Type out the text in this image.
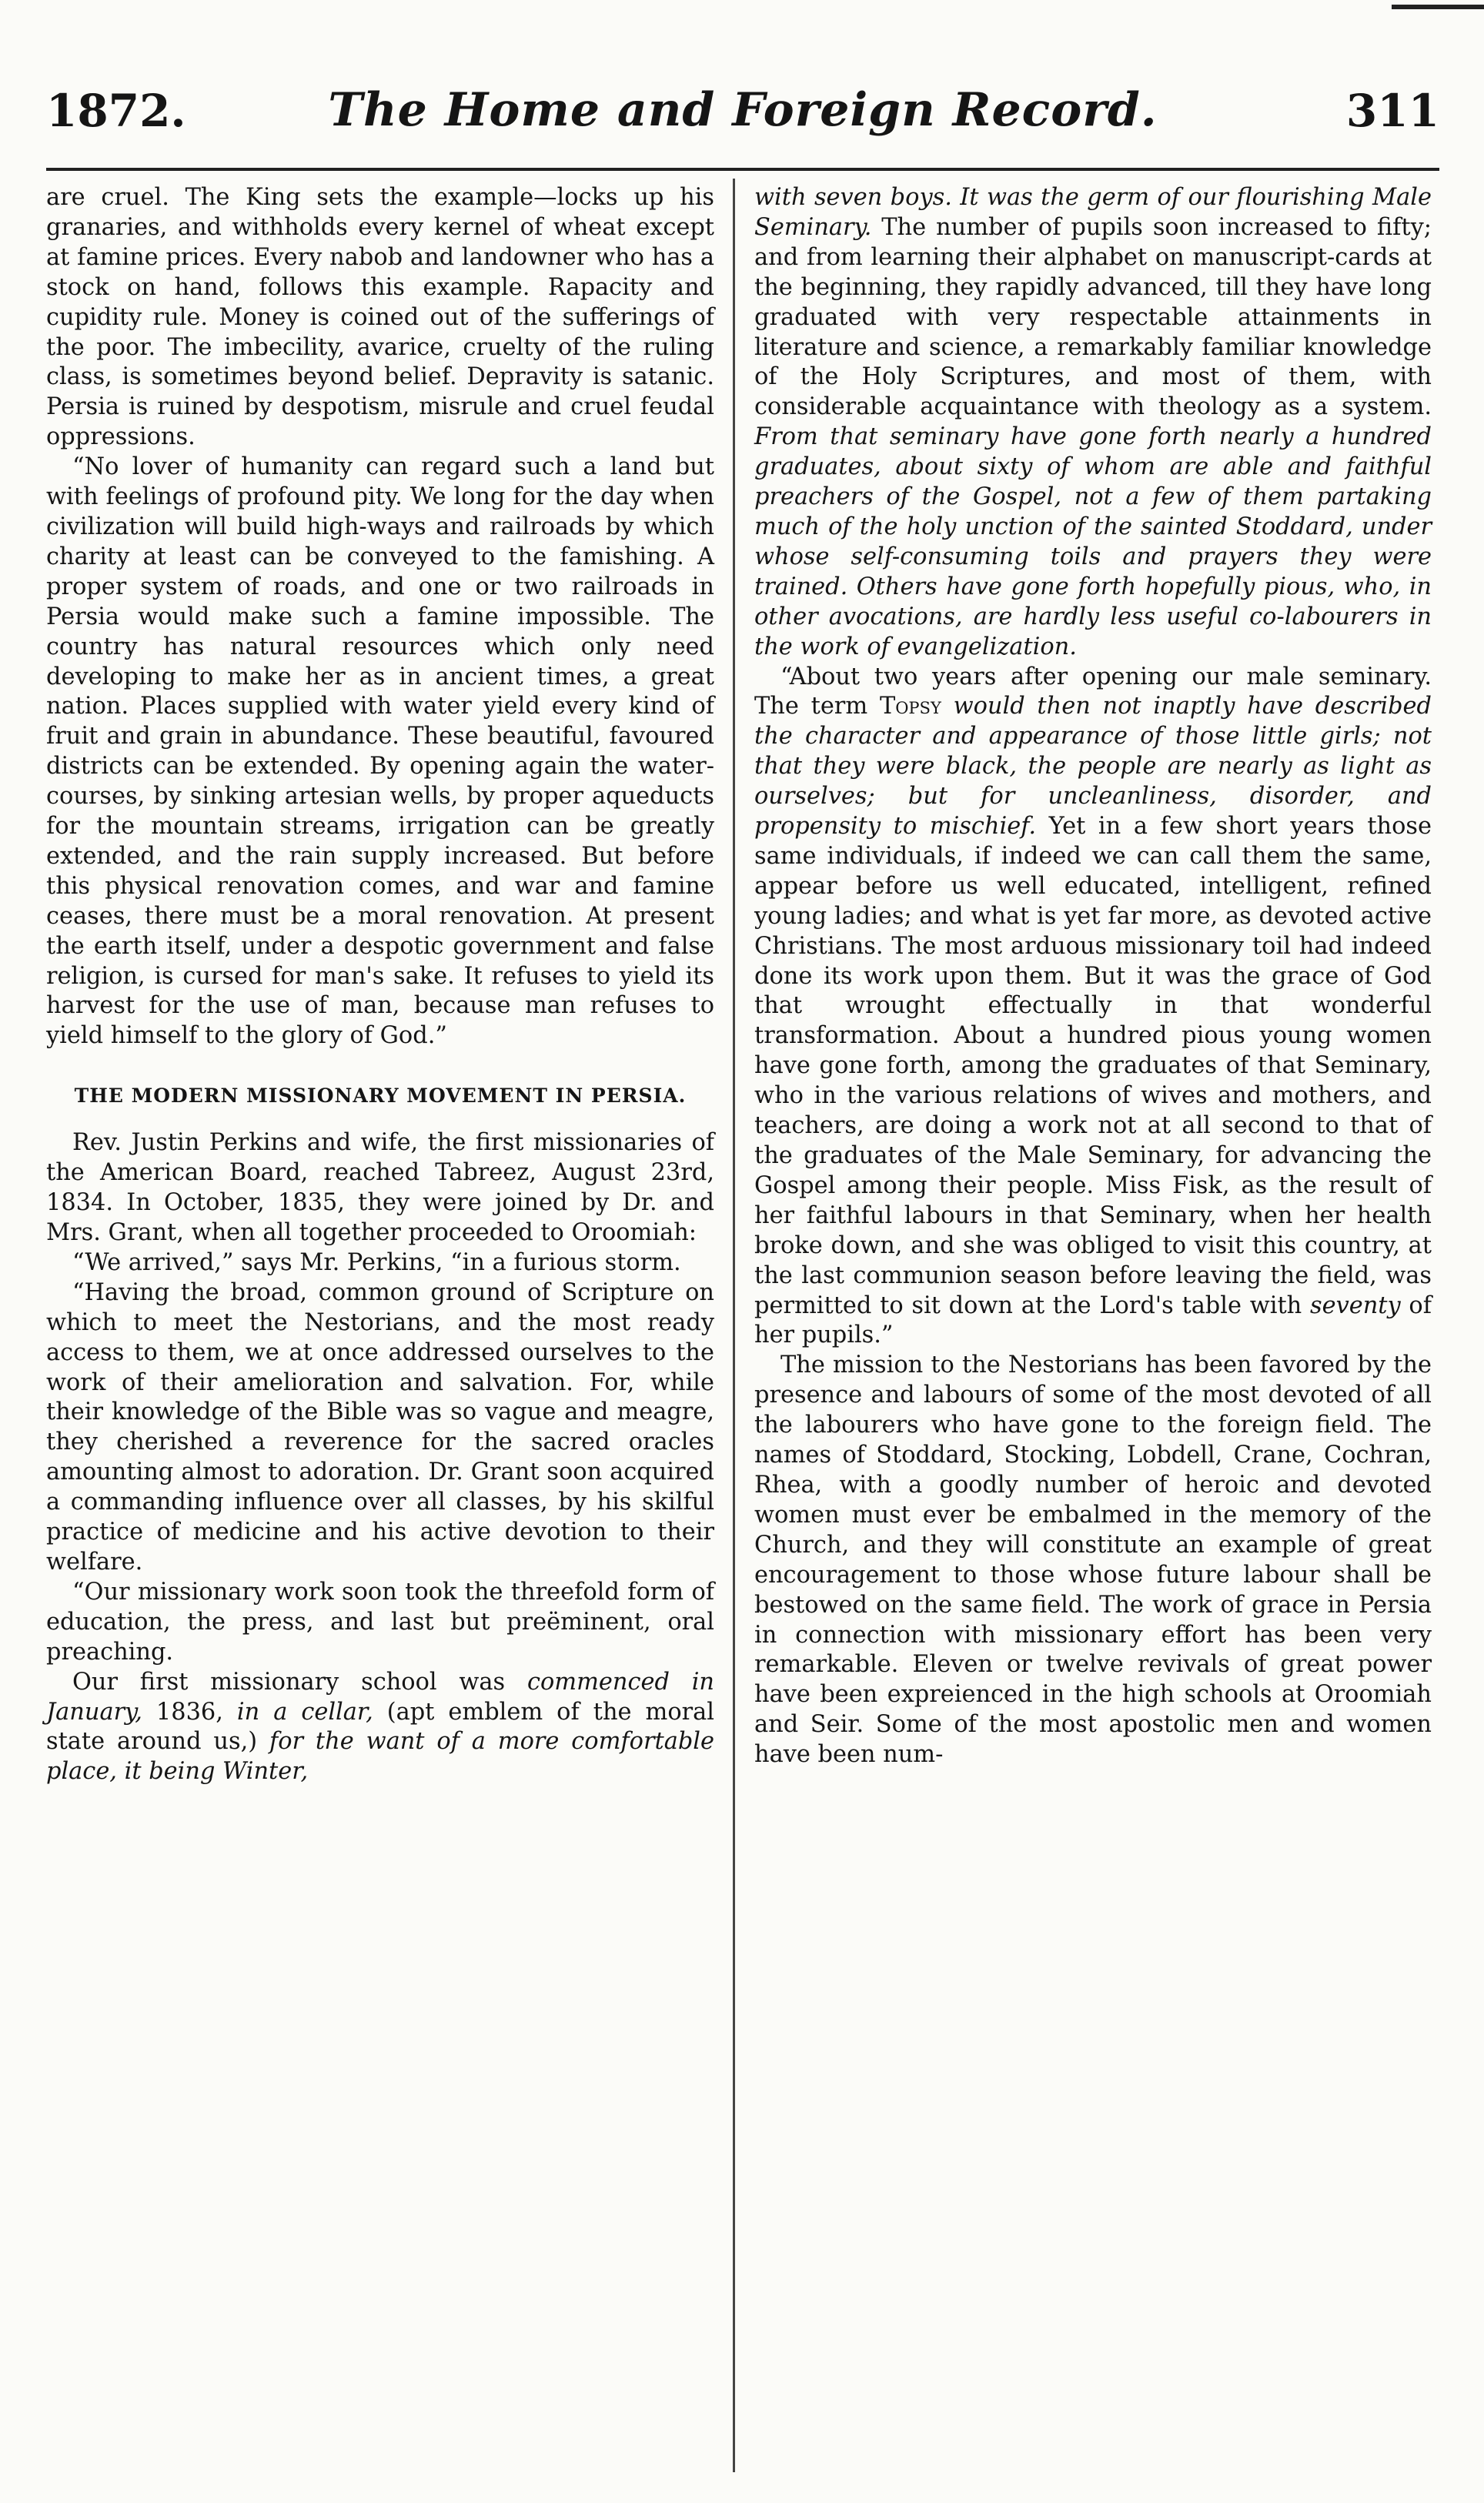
1872.	The Home and Foreign Record.	311

are cruel. The King sets the example—locks up his granaries, and withholds every kernel of wheat except at famine prices. Every nabob and landowner who has a stock on hand, follows this example. Rapacity and cupidity rule. Money is coined out of the sufferings of the poor. The imbecility, avarice, cruelty of the ruling class, is sometimes beyond belief. Depravity is satanic. Persia is ruined by despotism, misrule and cruel feudal oppressions.

“No lover of humanity can regard such a land but with feelings of profound pity. We long for the day when civilization will build high-ways and railroads by which charity at least can be conveyed to the famishing. A proper system of roads, and one or two railroads in Persia would make such a famine impossible. The country has natural resources which only need developing to make her as in ancient times, a great nation. Places supplied with water yield every kind of fruit and grain in abundance. These beautiful, favoured districts can be extended. By opening again the water-courses, by sinking artesian wells, by proper aqueducts for the mountain streams, irrigation can be greatly extended, and the rain supply increased. But before this physical renovation comes, and war and famine ceases, there must be a moral renovation. At present the earth itself, under a despotic government and false religion, is cursed for man's sake. It refuses to yield its harvest for the use of man, because man refuses to yield himself to the glory of God.”

THE MODERN MISSIONARY MOVEMENT IN PERSIA.

Rev. Justin Perkins and wife, the first missionaries of the American Board, reached Tabreez, August 23rd, 1834. In October, 1835, they were joined by Dr. and Mrs. Grant, when all together proceeded to Oroomiah:

“We arrived,” says Mr. Perkins, “in a furious storm.

“Having the broad, common ground of Scripture on which to meet the Nestorians, and the most ready access to them, we at once addressed ourselves to the work of their amelioration and salvation. For, while their knowledge of the Bible was so vague and meagre, they cherished a reverence for the sacred oracles amounting almost to adoration. Dr. Grant soon acquired a commanding influence over all classes, by his skilful practice of medicine and his active devotion to their welfare.

“Our missionary work soon took the threefold form of education, the press, and last but preëminent, oral preaching.

Our first missionary school was commenced in January, 1836, in a cellar, (apt emblem of the moral state around us,) for the want of a more comfortable place, it being Winter,

with seven boys. It was the germ of our flourishing Male Seminary. The number of pupils soon increased to fifty; and from learning their alphabet on manuscript-cards at the beginning, they rapidly advanced, till they have long graduated with very respectable attainments in literature and science, a remarkably familiar knowledge of the Holy Scriptures, and most of them, with considerable acquaintance with theology as a system. From that seminary have gone forth nearly a hundred graduates, about sixty of whom are able and faithful preachers of the Gospel, not a few of them partaking much of the holy unction of the sainted Stoddard, under whose self-consuming toils and prayers they were trained. Others have gone forth hopefully pious, who, in other avocations, are hardly less useful co-labourers in the work of evangelization.

“About two years after opening our male seminary. The term Topsy would then not inaptly have described the character and appearance of those little girls; not that they were black, the people are nearly as light as ourselves; but for uncleanliness, disorder, and propensity to mischief. Yet in a few short years those same individuals, if indeed we can call them the same, appear before us well educated, intelligent, refined young ladies; and what is yet far more, as devoted active Christians. The most arduous missionary toil had indeed done its work upon them. But it was the grace of God that wrought effectually in that wonderful transformation. About a hundred pious young women have gone forth, among the graduates of that Seminary, who in the various relations of wives and mothers, and teachers, are doing a work not at all second to that of the graduates of the Male Seminary, for advancing the Gospel among their people. Miss Fisk, as the result of her faithful labours in that Seminary, when her health broke down, and she was obliged to visit this country, at the last communion season before leaving the field, was permitted to sit down at the Lord's table with seventy of her pupils.”

The mission to the Nestorians has been favored by the presence and labours of some of the most devoted of all the labourers who have gone to the foreign field. The names of Stoddard, Stocking, Lobdell, Crane, Cochran, Rhea, with a goodly number of heroic and devoted women must ever be embalmed in the memory of the Church, and they will constitute an example of great encouragement to those whose future labour shall be bestowed on the same field. The work of grace in Persia in connection with missionary effort has been very remarkable. Eleven or twelve revivals of great power have been expreienced in the high schools at Oroomiah and Seir. Some of the most apostolic men and women have been num-
